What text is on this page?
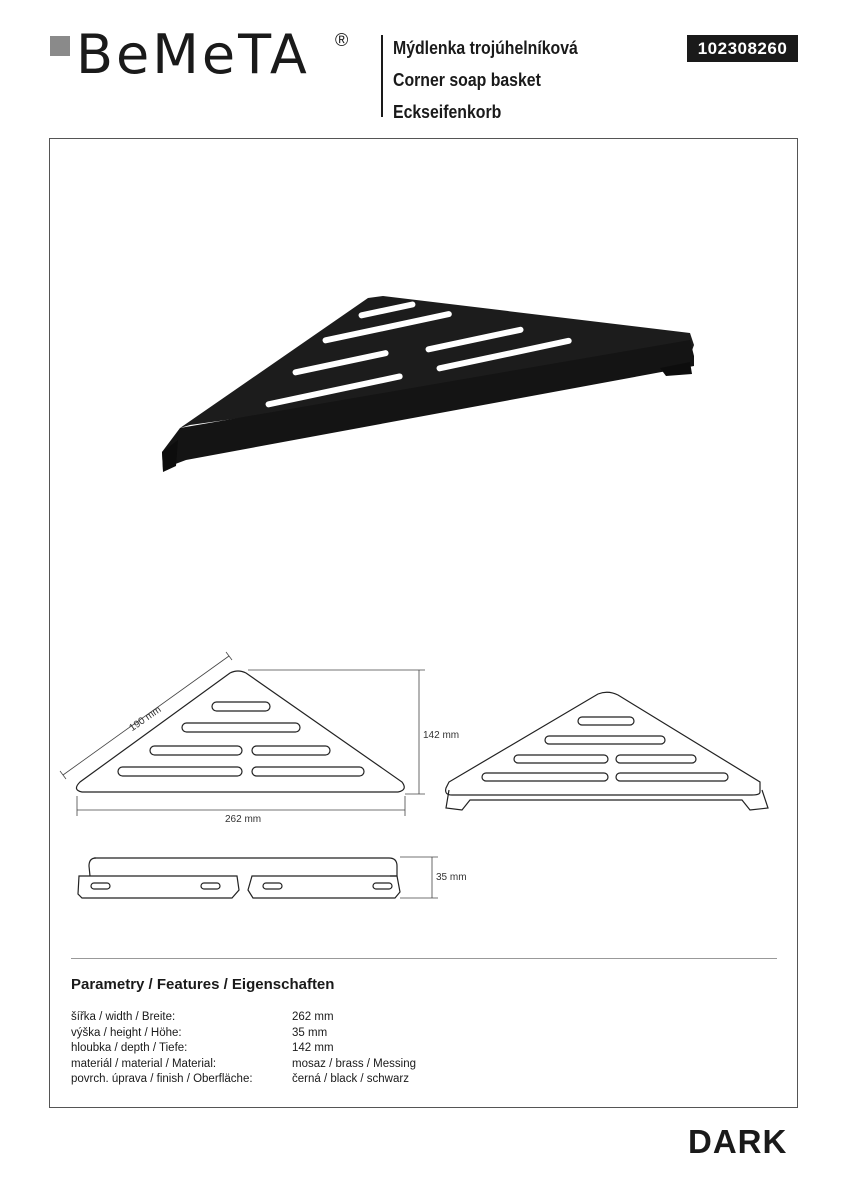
BeMeTA ® Mýdlenka trojúhelníková
Corner soap basket
Eckseifenkorb
102308260
190 mm
142 mm
262 mm
35 mm
Parametry / Features / Eigenschaften
šířka / width / Breite:	262 mm
výška / height / Höhe:	35 mm
hloubka / depth / Tiefe:	142 mm
materiál / material / Material:	mosaz / brass / Messing
povrch. úprava / finish / Oberfläche:	černá / black / schwarz
DARK
